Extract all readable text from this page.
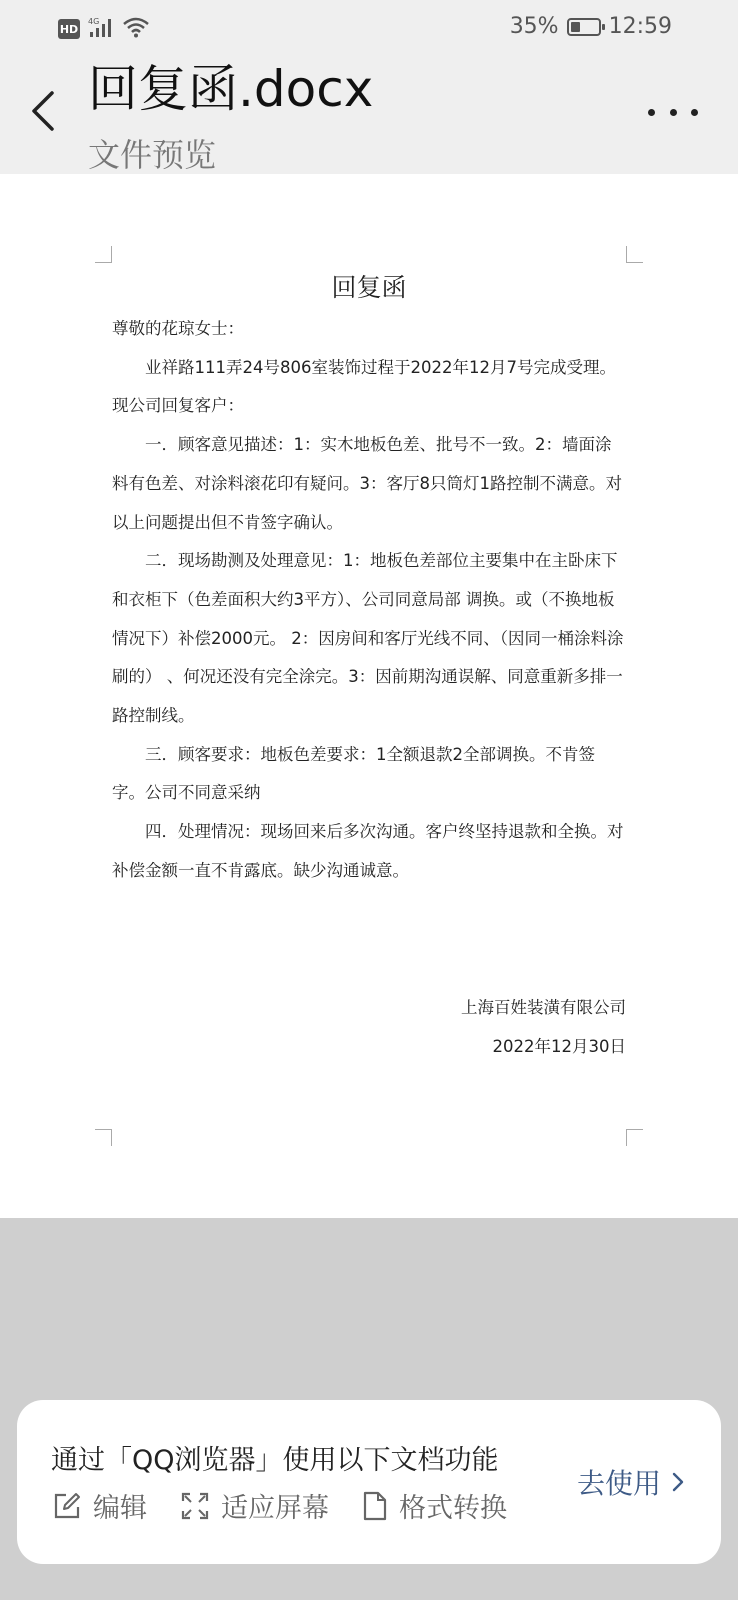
HD
4G	35% 12:59
回复函.docx
文件预览
回复函

尊敬的花琼女士：

业祥路111弄24号806室装饰过程于2022年12月7号完成受理。

现公司回复客户：

一．顾客意见描述：1：实木地板色差、批号不一致。2：墙面涂料有色差、对涂料滚花印有疑问。3：客厅8只筒灯1路控制不满意。对以上问题提出但不肯签字确认。

二．现场勘测及处理意见：1：地板色差部位主要集中在主卧床下和衣柜下（色差面积大约3平方）、公司同意局部 调换。或（不换地板情况下）补偿2000元。 2：因房间和客厅光线不同、（因同一桶涂料涂刷的） 、何况还没有完全涂完。3：因前期沟通误解、同意重新多排一路控制线。

三．顾客要求：地板色差要求：1全额退款2全部调换。不肯签字。公司不同意采纳

四．处理情况：现场回来后多次沟通。客户终坚持退款和全换。对补偿金额一直不肯露底。缺少沟通诚意。

上海百姓装潢有限公司
2022年12月30日
通过「QQ浏览器」使用以下文档功能
编辑	适应屏幕	格式转换
去使用
